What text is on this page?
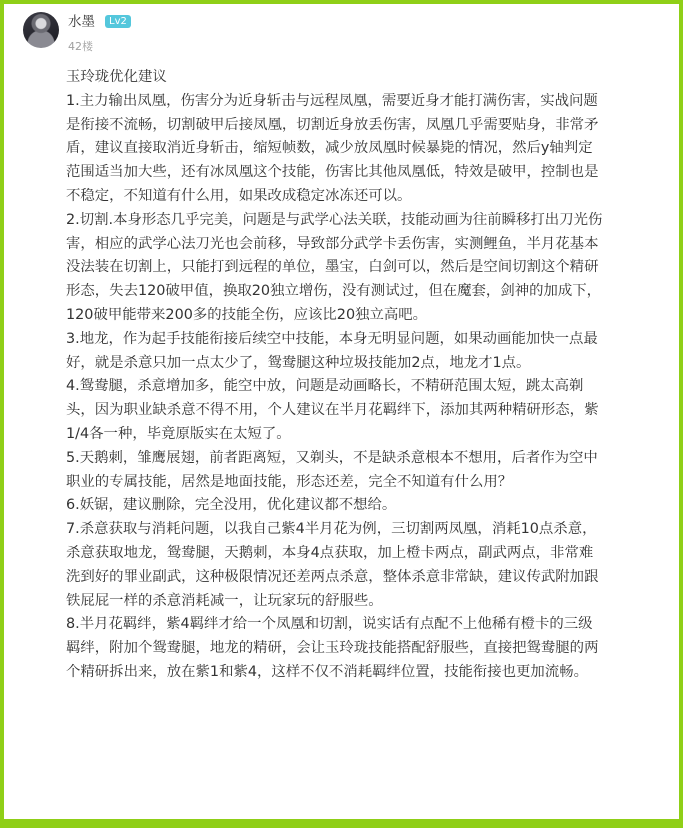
水墨	Lv2
42楼
玉玲珑优化建议
1.主力输出凤凰，伤害分为近身斩击与远程凤凰，需要近身才能打满伤害，实战问题
是衔接不流畅，切割破甲后接凤凰，切割近身放丢伤害，凤凰几乎需要贴身，非常矛
盾，建议直接取消近身斩击，缩短帧数，减少放凤凰时候暴毙的情况，然后y轴判定
范围适当加大些，还有冰凤凰这个技能，伤害比其他凤凰低，特效是破甲，控制也是
不稳定，不知道有什么用，如果改成稳定冰冻还可以。
2.切割.本身形态几乎完美，问题是与武学心法关联，技能动画为往前瞬移打出刀光伤
害，相应的武学心法刀光也会前移，导致部分武学卡丢伤害，实测鲤鱼，半月花基本
没法装在切割上，只能打到远程的单位，墨宝，白剑可以，然后是空间切割这个精研
形态，失去120破甲值，换取20独立增伤，没有测试过，但在魔套，剑神的加成下，
120破甲能带来200多的技能全伤，应该比20独立高吧。
3.地龙，作为起手技能衔接后续空中技能，本身无明显问题，如果动画能加快一点最
好，就是杀意只加一点太少了，鸳鸯腿这种垃圾技能加2点，地龙才1点。
4.鸳鸯腿，杀意增加多，能空中放，问题是动画略长，不精研范围太短，跳太高剃
头，因为职业缺杀意不得不用，个人建议在半月花羁绊下，添加其两种精研形态，紫
1/4各一种，毕竟原版实在太短了。
5.天鹅刺，雏鹰展翅，前者距离短，又剃头，不是缺杀意根本不想用，后者作为空中
职业的专属技能，居然是地面技能，形态还差，完全不知道有什么用？
6.妖锯，建议删除，完全没用，优化建议都不想给。
7.杀意获取与消耗问题，以我自己紫4半月花为例，三切割两凤凰，消耗10点杀意，
杀意获取地龙，鸳鸯腿，天鹅刺，本身4点获取，加上橙卡两点，副武两点，非常难
洗到好的罪业副武，这种极限情况还差两点杀意，整体杀意非常缺，建议传武附加跟
铁屁屁一样的杀意消耗减一，让玩家玩的舒服些。
8.半月花羁绊，紫4羁绊才给一个凤凰和切割，说实话有点配不上他稀有橙卡的三级
羁绊，附加个鸳鸯腿，地龙的精研，会让玉玲珑技能搭配舒服些，直接把鸳鸯腿的两
个精研拆出来，放在紫1和紫4，这样不仅不消耗羁绊位置，技能衔接也更加流畅。
